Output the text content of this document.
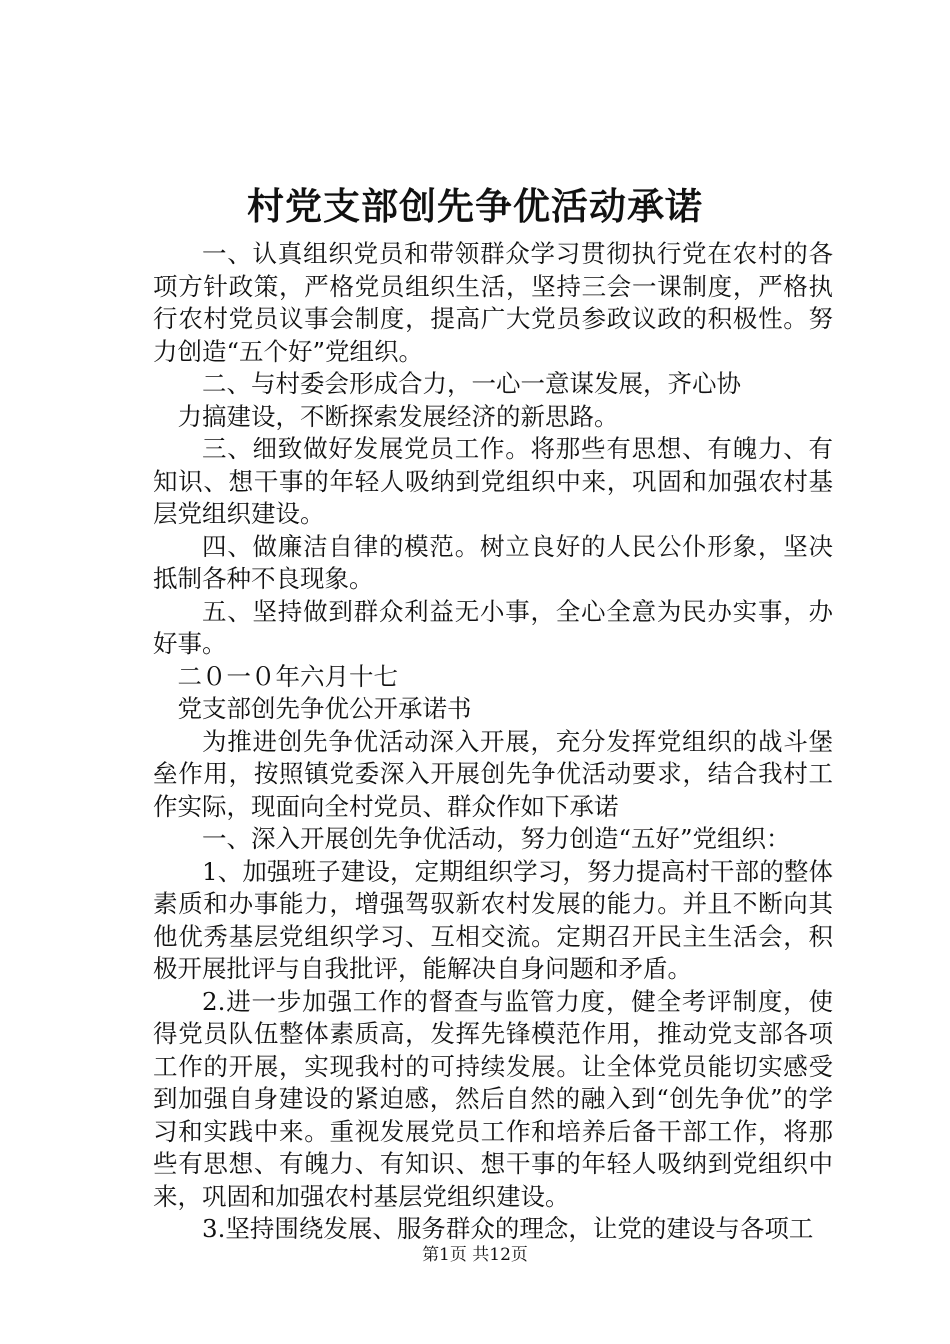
村党支部创先争优活动承诺

一、认真组织党员和带领群众学习贯彻执行党在农村的各项方针政策，严格党员组织生活，坚持三会一课制度，严格执行农村党员议事会制度，提高广大党员参政议政的积极性。努力创造“五个好”党组织。

二、与村委会形成合力，一心一意谋发展，齐心协

力搞建设，不断探索发展经济的新思路。

三、细致做好发展党员工作。将那些有思想、有魄力、有知识、想干事的年轻人吸纳到党组织中来，巩固和加强农村基层党组织建设。

四、做廉洁自律的模范。树立良好的人民公仆形象，坚决抵制各种不良现象。

五、坚持做到群众利益无小事，全心全意为民办实事，办好事。

二０一０年六月十七

党支部创先争优公开承诺书

为推进创先争优活动深入开展，充分发挥党组织的战斗堡垒作用，按照镇党委深入开展创先争优活动要求，结合我村工作实际，现面向全村党员、群众作如下承诺

一、深入开展创先争优活动，努力创造“五好”党组织：

1、加强班子建设，定期组织学习，努力提高村干部的整体素质和办事能力，增强驾驭新农村发展的能力。并且不断向其他优秀基层党组织学习、互相交流。定期召开民主生活会，积极开展批评与自我批评，能解决自身问题和矛盾。

2.进一步加强工作的督查与监管力度，健全考评制度，使得党员队伍整体素质高，发挥先锋模范作用，推动党支部各项工作的开展，实现我村的可持续发展。让全体党员能切实感受到加强自身建设的紧迫感，然后自然的融入到“创先争优”的学习和实践中来。重视发展党员工作和培养后备干部工作，将那些有思想、有魄力、有知识、想干事的年轻人吸纳到党组织中来，巩固和加强农村基层党组织建设。

3.坚持围绕发展、服务群众的理念，让党的建设与各项工

第1页 共12页
